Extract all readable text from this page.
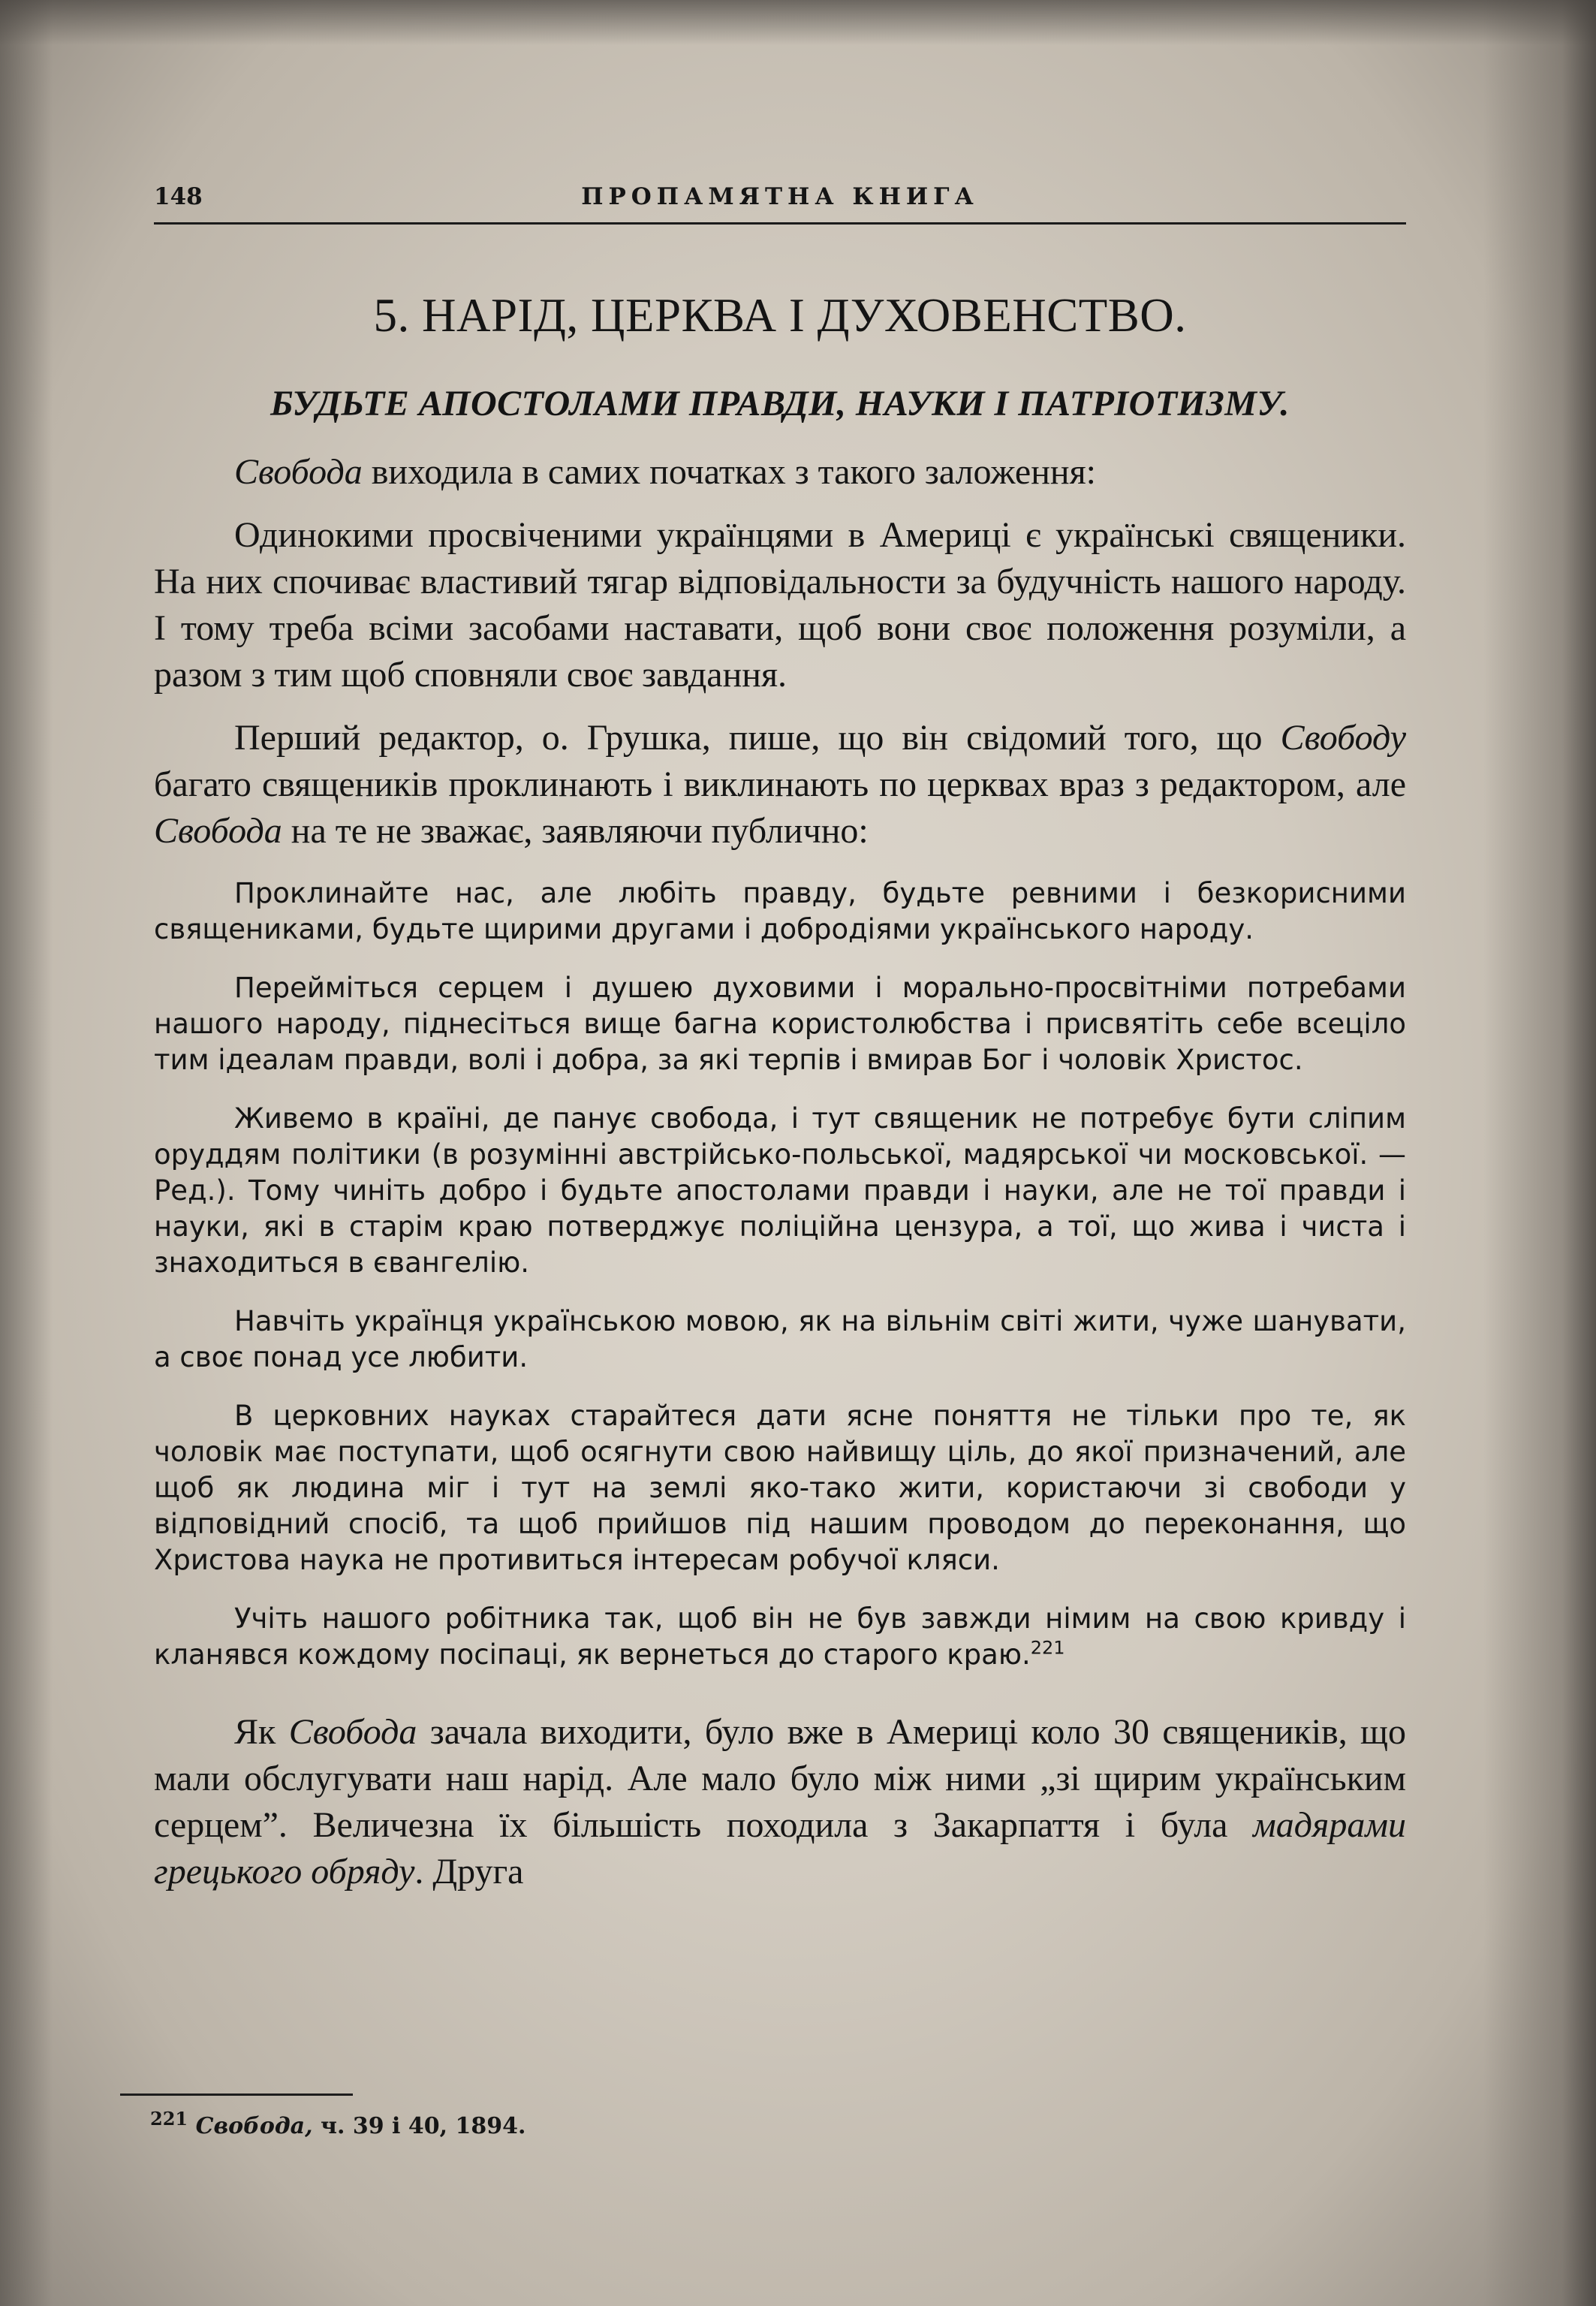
148	ПРОПАМЯТНА КНИГА
5. НАРІД, ЦЕРКВА І ДУХОВЕНСТВО.
БУДЬТЕ АПОСТОЛАМИ ПРАВДИ, НАУКИ І ПАТРІОТИЗМУ.

Свобода виходила в самих початках з такого заложення:

Одинокими просвіченими українцями в Америці є українські священики. На них спочиває властивий тягар відповідальности за будучність нашого народу. І тому треба всіми засобами наставати, щоб вони своє положення розуміли, а разом з тим щоб сповняли своє завдання.

Перший редактор, о. Грушка, пише, що він свідомий того, що Свободу багато священиків проклинають і виклинають по церквах враз з редактором, але Свобода на те не зважає, заявляючи публично:

Проклинайте нас, але любіть правду, будьте ревними і безкорисними священиками, будьте щирими другами і добродіями українського народу.

Перейміться серцем і душею духовими і морально-просвітніми потребами нашого народу, піднесіться вище багна користолюбства і присвятіть себе всеціло тим ідеалам правди, волі і добра, за які терпів і вмирав Бог і чоловік Христос.

Живемо в країні, де панує свобода, і тут священик не потребує бути сліпим оруддям політики (в розумінні австрійсько-польської, мадярської чи московської. — Ред.). Тому чиніть добро і будьте апостолами правди і науки, але не тої правди і науки, які в старім краю потверджує поліційна цензура, а тої, що жива і чиста і знаходиться в євангелію.

Навчіть українця українською мовою, як на вільнім світі жити, чуже шанувати, а своє понад усе любити.

В церковних науках старайтеся дати ясне поняття не тільки про те, як чоловік має поступати, щоб осягнути свою найвищу ціль, до якої призначений, але щоб як людина міг і тут на землі яко-тако жити, користаючи зі свободи у відповідний спосіб, та щоб прийшов під нашим проводом до переконання, що Христова наука не противиться інтересам робучої кляси.

Учіть нашого робітника так, щоб він не був завжди німим на свою кривду і кланявся кождому посіпаці, як вернеться до старого краю.$^{221}$

Як Свобода зачала виходити, було вже в Америці коло 30 священиків, що мали обслугувати наш нарід. Але мало було між ними „зі щирим українським серцем”. Величезна їх більшість походила з Закарпаття і була мадярами грецького обряду. Друга

$^{221}$ Свобода, ч. 39 і 40, 1894.
